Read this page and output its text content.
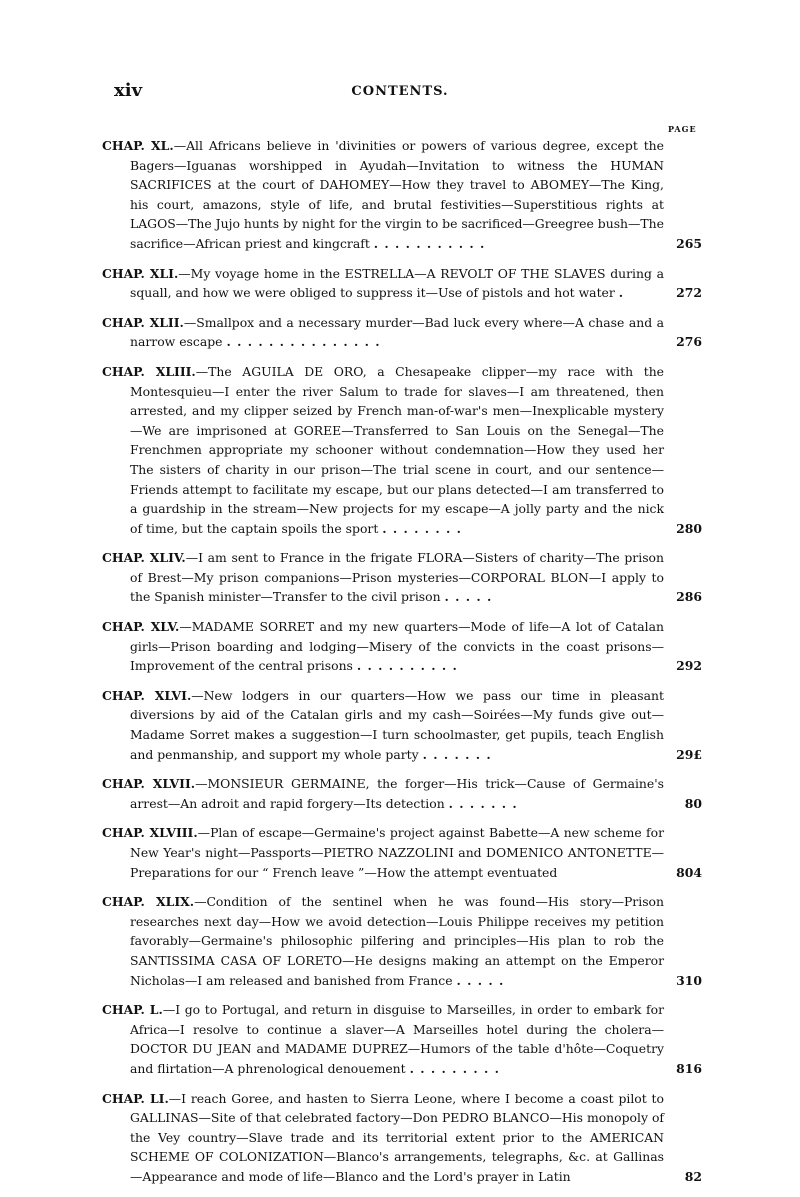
xiv	CONTENTS.
PAGE
CHAP. XL.—All Africans believe in 'divinities or powers of various degree, except the Bagers—Iguanas worshipped in Ayudah—Invitation to witness the HUMAN SACRIFICES at the court of DAHOMEY—How they travel to ABOMEY—The King, his court, amazons, style of life, and brutal festivities—Superstitious rights at LAGOS—The Jujo hunts by night for the virgin to be sacrificed—Greegree bush—The sacrifice—African priest and kingcraft . . . . . . . . . . .	265
CHAP. XLI.—My voyage home in the ESTRELLA—A REVOLT OF THE SLAVES during a squall, and how we were obliged to suppress it—Use of pistols and hot water .	272
CHAP. XLII.—Smallpox and a necessary murder—Bad luck every where—A chase and a narrow escape . . . . . . . . . . . . . . .	276
CHAP. XLIII.—The AGUILA DE ORO, a Chesapeake clipper—my race with the Montesquieu—I enter the river Salum to trade for slaves—I am threatened, then arrested, and my clipper seized by French man-of-war's men—Inexplicable mystery—We are imprisoned at GOREE—Transferred to San Louis on the Senegal—The Frenchmen appropriate my schooner without condemnation—How they used her The sisters of charity in our prison—The trial scene in court, and our sentence—Friends attempt to facilitate my escape, but our plans detected—I am transferred to a guardship in the stream—New projects for my escape—A jolly party and the nick of time, but the captain spoils the sport . . . . . . . .	280
CHAP. XLIV.—I am sent to France in the frigate FLORA—Sisters of charity—The prison of Brest—My prison companions—Prison mysteries—CORPORAL BLON—I apply to the Spanish minister—Transfer to the civil prison . . . . .	286
CHAP. XLV.—MADAME SORRET and my new quarters—Mode of life—A lot of Catalan girls—Prison boarding and lodging—Misery of the convicts in the coast prisons—Improvement of the central prisons . . . . . . . . . .	292
CHAP. XLVI.—New lodgers in our quarters—How we pass our time in pleasant diversions by aid of the Catalan girls and my cash—Soirées—My funds give out—Madame Sorret makes a suggestion—I turn schoolmaster, get pupils, teach English and penmanship, and support my whole party . . . . . . .	29£
CHAP. XLVII.—MONSIEUR GERMAINE, the forger—His trick—Cause of Germaine's arrest—An adroit and rapid forgery—Its detection . . . . . . .	80
CHAP. XLVIII.—Plan of escape—Germaine's project against Babette—A new scheme for New Year's night—Passports—PIETRO NAZZOLINI and DOMENICO ANTONETTE—Preparations for our “ French leave ”—How the attempt eventuated	804
CHAP. XLIX.—Condition of the sentinel when he was found—His story—Prison researches next day—How we avoid detection—Louis Philippe receives my petition favorably—Germaine's philosophic pilfering and principles—His plan to rob the SANTISSIMA CASA OF LORETO—He designs making an attempt on the Emperor Nicholas—I am released and banished from France . . . . .	310
CHAP. L.—I go to Portugal, and return in disguise to Marseilles, in order to embark for Africa—I resolve to continue a slaver—A Marseilles hotel during the cholera—DOCTOR DU JEAN and MADAME DUPREZ—Humors of the table d'hôte—Coquetry and flirtation—A phrenological denouement . . . . . . . . .	816
CHAP. LI.—I reach Goree, and hasten to Sierra Leone, where I become a coast pilot to GALLINAS—Site of that celebrated factory—Don PEDRO BLANCO—His monopoly of the Vey country—Slave trade and its territorial extent prior to the AMERICAN SCHEME OF COLONIZATION—Blanco's arrangements, telegraphs, &c. at Gallinas—Appearance and mode of life—Blanco and the Lord's prayer in Latin	82
